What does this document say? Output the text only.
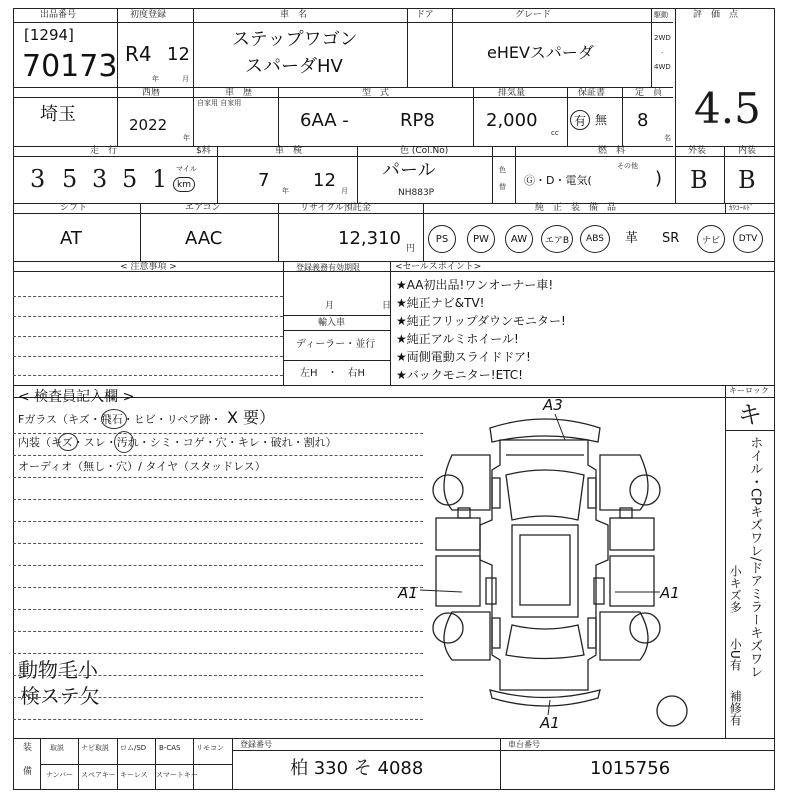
出品番号
[1294]
70173
初度登録
R4 12
年	月
車　名
ステップワゴン
スパーダHV
ドア	グレード
eHEVスパーダ
駆動
2WD
·
4WD
評　価　点
4.5
埼玉
西暦
2022
年
車　歴
自家用 自家用
型　式
6AA -	RP8
排気量
2,000
cc
保証書
有 無
定　員
8
名
走　行	$料
3 5 3 5 1 マイル
km
車　検
7 年 12 月
色 (Col.No)
パール
NH883P
色
替
燃　料
Ⓖ・D・電気(
その他
)
外装
B
内装
B
シフト
AT
エアコン
AAC
リサイクル預託金
12,310 円
純　正　装　備　品	ｶﾜｺｰﾙﾄﾞ
PS	PW	AW	エアB	ABS	革 SR	ナビ	DTV
< 注意事項 >	登録義務有効期限
月	日
輸入車
ディーラー・並行
左H　・　右H
<セールスポイント>
★AA初出品!ワンオーナー車!
★純正ナビ&TV!
★純正フリップダウンモニター!
★純正アルミホイール!
★両側電動スライドドア!
★バックモニター!ETC!
< 検査員記入欄 >
Fガラス（キズ・飛石・ヒビ・リペア跡・ X 要）
内装（キズ・スレ・汚れ・シミ・コゲ・穴・キレ・破れ・割れ）
オーディオ（無し・穴）/ タイヤ（スタッドレス）
動物毛小
検ステ欠
キーロック
キ
ホイル・CPキズワレ/ドアミラーキズワレ
小キズ多
小U有
補修有
A3
A1	A1
A1
装
備
取説 ナビ取説 ロム/SD B-CAS リモコン
ナンバー スペアキー キーレス スマートキー
登録番号
柏 330 そ 4088
車台番号
1015756
